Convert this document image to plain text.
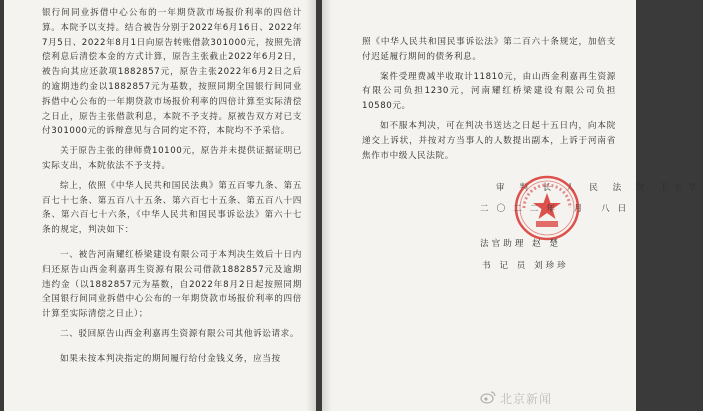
银行间同业拆借中心公布的一年期贷款市场报价利率的四倍计算。本院予以支持。结合被告分别于2022年6月16日、2022年7月5日、2022年8月1日向原告转账借款301000元，按照先清偿利息后清偿本金的方式计算，原告主张截止2022年6月2日，被告向其应还款项1882857元，原告主张2022年6月2日之后的逾期违约金以1882857元为基数，按照同期全国银行间同业拆借中心公布的一年期贷款市场报价利率的四倍计算至实际清偿之日止，原告主张借款利息，本院不予支持。原被告双方对已支付301000元的诉辩意见与合同约定不符，本院均不予采信。

关于原告主张的律师费10100元，原告并未提供证据证明已实际支出，本院依法不予支持。

综上，依照《中华人民共和国民法典》第五百零九条、第五百七十七条、第五百八十五条、第六百七十五条、第五百八十四条、第六百七十六条，《中华人民共和国民事诉讼法》第六十七条的规定，判决如下：

一、被告河南耀红桥梁建设有限公司于本判决生效后十日内归还原告山西金利嘉再生资源有限公司借款1882857元及逾期违约金（以1882857元为基数，自2022年8月2日起按照同期全国银行间同业拆借中心公布的一年期贷款市场报价利率的四倍计算至实际清偿之日止）；

二、驳回原告山西金利嘉再生资源有限公司其他诉讼请求。

如果未按本判决指定的期间履行给付金钱义务，应当按

照《中华人民共和国民事诉讼法》第二百六十条规定，加倍支付迟延履行期间的债务利息。

案件受理费减半收取计11810元，由山西金利嘉再生资源有限公司负担1230元，河南耀红桥梁建设有限公司负担10580元。

如不服本判决，可在判决书送达之日起十五日内，向本院递交上诉状，并按对方当事人的人数提出副本，上诉于河南省焦作市中级人民法院。

审 判 长 人 民 法 院 王小华
二〇二二年 月 八日
法官助理 赵 楚
书 记 员 刘珍珍
北京新闻
